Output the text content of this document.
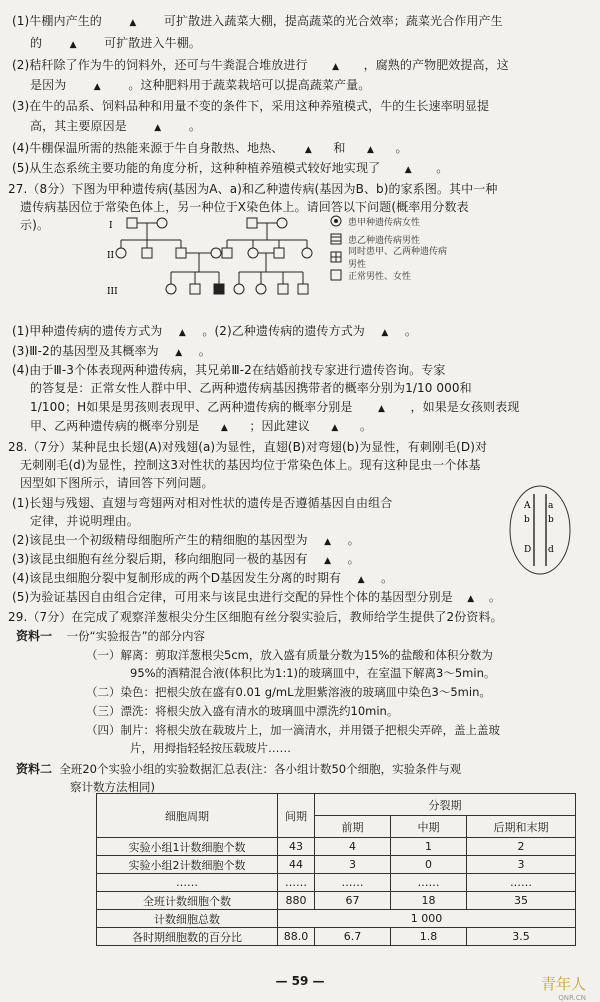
(1)牛棚内产生的	▲ 可扩散进入蔬菜大棚，提高蔬菜的光合效率；蔬菜光合作用产生
的	▲ 可扩散进入牛棚。
(2)秸秆除了作为牛的饲料外，还可与牛粪混合堆放进行	▲ ，腐熟的产物肥效提高，这
是因为	▲ 。这种肥料用于蔬菜栽培可以提高蔬菜产量。
(3)在牛的品系、饲料品种和用量不变的条件下，采用这种养殖模式，牛的生长速率明显提
高，其主要原因是	▲ 。
(4)牛棚保温所需的热能来源于牛自身散热、地热、 ▲ 和 ▲ 。
(5)从生态系统主要功能的角度分析，这种种植养殖模式较好地实现了	▲ 。
27.（8分）下图为甲种遗传病(基因为A、a)和乙种遗传病(基因为B、b)的家系图。其中一种
遗传病基因位于常染色体上，另一种位于X染色体上。请回答以下问题(概率用分数表
示)。	I
II
III
患甲种遗传病女性
患乙种遗传病男性
同时患甲、乙两种遗传病男性
正常男性、女性
(1)甲种遗传病的遗传方式为 ▲ 。(2)乙种遗传病的遗传方式为 ▲ 。
(3)Ⅲ-2的基因型及其概率为 ▲ 。
(4)由于Ⅲ-3个体表现两种遗传病，其兄弟Ⅲ-2在结婚前找专家进行遗传咨询。专家
的答复是：正常女性人群中甲、乙两种遗传病基因携带者的概率分别为1/10 000和
1/100；H如果是男孩则表现甲、乙两种遗传病的概率分别是	▲ ，如果是女孩则表现
甲、乙两种遗传病的概率分别是 ▲ ；因此建议 ▲ 。
28.（7分）某种昆虫长翅(A)对残翅(a)为显性，直翅(B)对弯翅(b)为显性，有刺刚毛(D)对
无刺刚毛(d)为显性，控制这3对性状的基因均位于常染色体上。现有这种昆虫一个体基
因型如下图所示，请回答下列问题。
(1)长翅与残翅、直翅与弯翅两对相对性状的遗传是否遵循基因自由组合
定律，并说明理由。
(2)该昆虫一个初级精母细胞所产生的精细胞的基因型为 ▲ 。
(3)该昆虫细胞有丝分裂后期，移向细胞同一极的基因有 ▲ 。
(4)该昆虫细胞分裂中复制形成的两个D基因发生分离的时期有 ▲ 。
(5)为验证基因自由组合定律，可用来与该昆虫进行交配的异性个体的基因型分别是 ▲ 。
A a
b b
D d
29.（7分）在完成了观察洋葱根尖分生区细胞有丝分裂实验后，教师给学生提供了2份资料。
资料一 一份“实验报告”的部分内容
（一）解离：剪取洋葱根尖5cm，放入盛有质量分数为15%的盐酸和体积分数为
95%的酒精混合液(体积比为1:1)的玻璃皿中，在室温下解离3～5min。
（二）染色：把根尖放在盛有0.01 g/mL龙胆紫溶液的玻璃皿中染色3～5min。
（三）漂洗：将根尖放入盛有清水的玻璃皿中漂洗约10min。
（四）制片：将根尖放在载玻片上，加一滴清水，并用镊子把根尖弄碎，盖上盖玻
片，用拇指轻轻按压载玻片……
资料二 全班20个实验小组的实验数据汇总表(注：各小组计数50个细胞，实验条件与观
察计数方法相同)
细胞周期	间期	分裂期		
		前期	中期	后期和末期
实验小组1计数细胞个数	43	4	1	2
实验小组2计数细胞个数	44	3	0	3
……	……	……	……	……
全班计数细胞个数	880	67	18	35
计数细胞总数	1 000			
各时期细胞数的百分比	88.0	6.7	1.8	3.5
— 59 —	青年人
QNR.CN
